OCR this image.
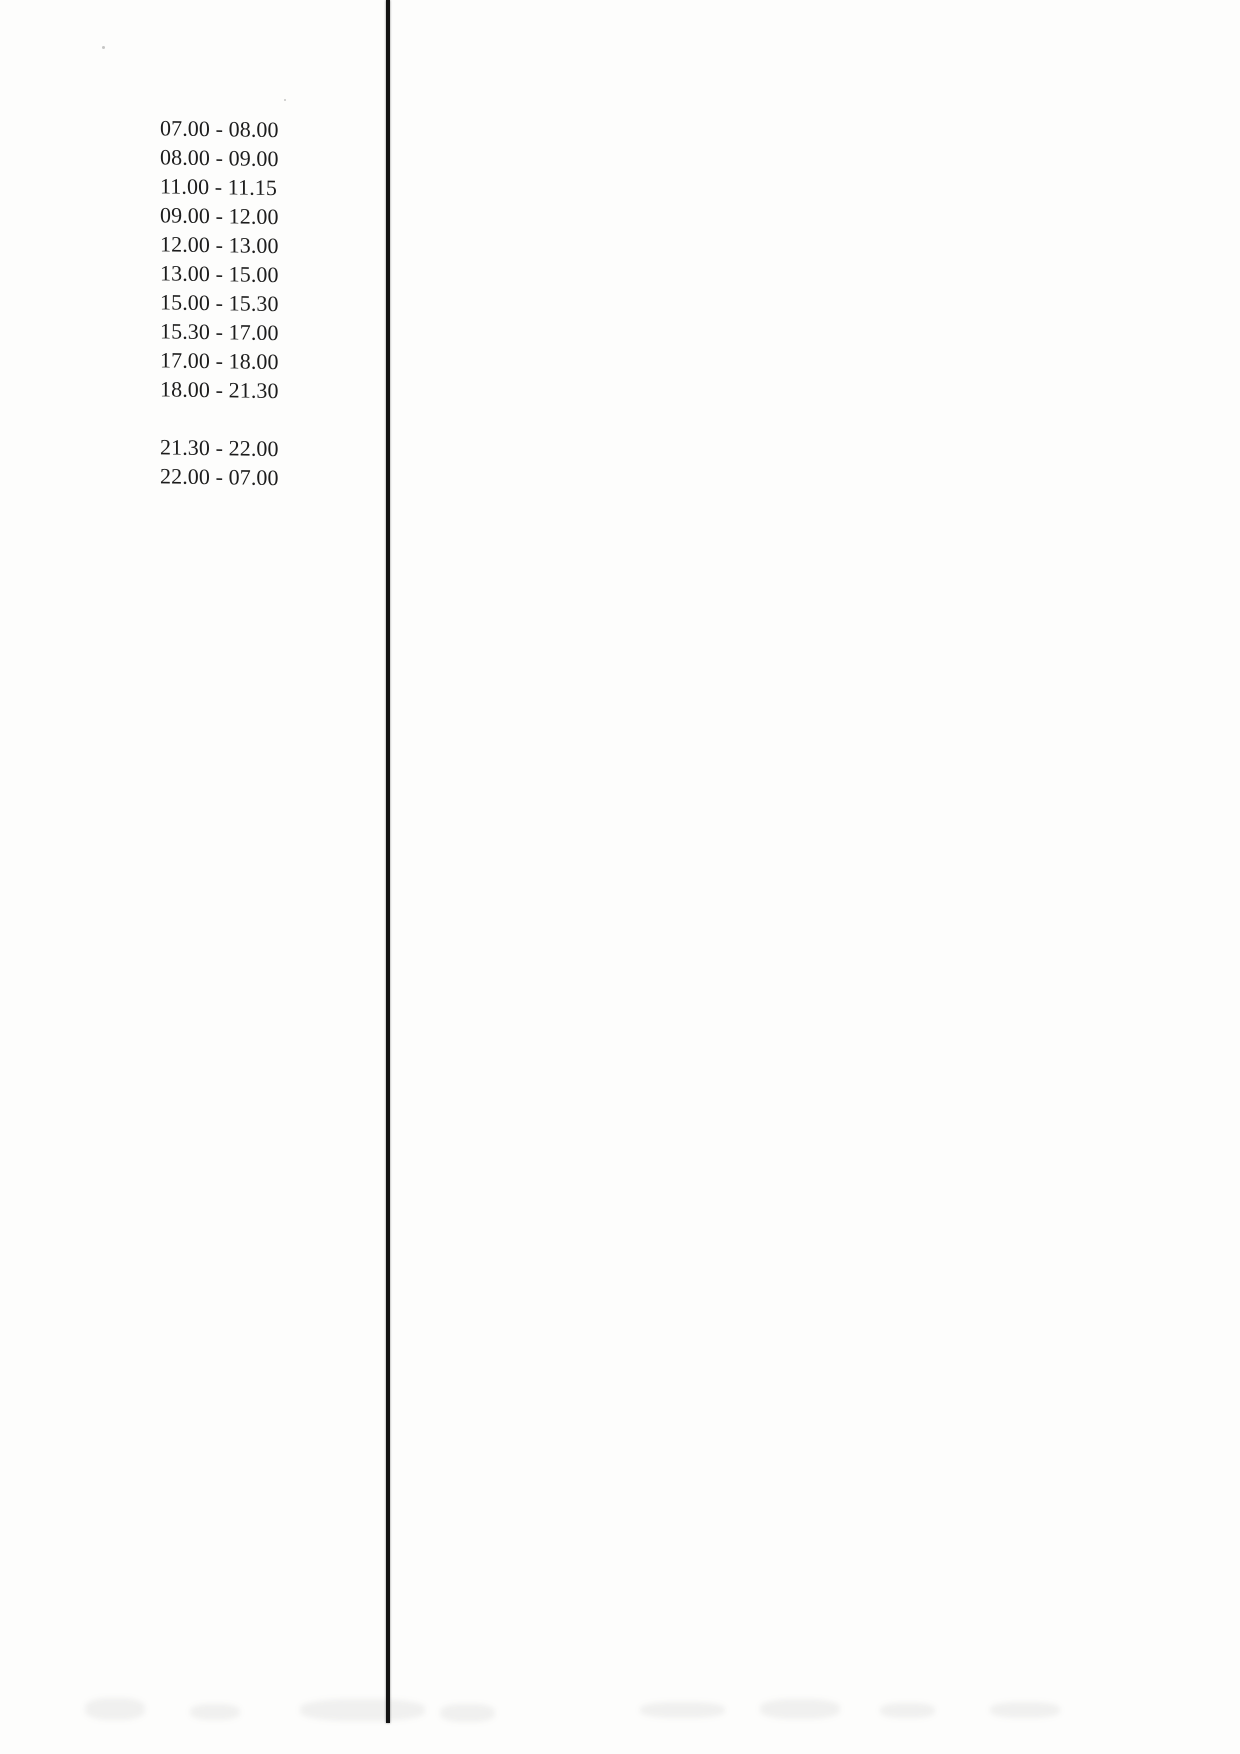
07.00 - 08.00
08.00 - 09.00
11.00 - 11.15
09.00 - 12.00
12.00 - 13.00
13.00 - 15.00
15.00 - 15.30
15.30 - 17.00
17.00 - 18.00
18.00 - 21.30
21.30 - 22.00
22.00 - 07.00
